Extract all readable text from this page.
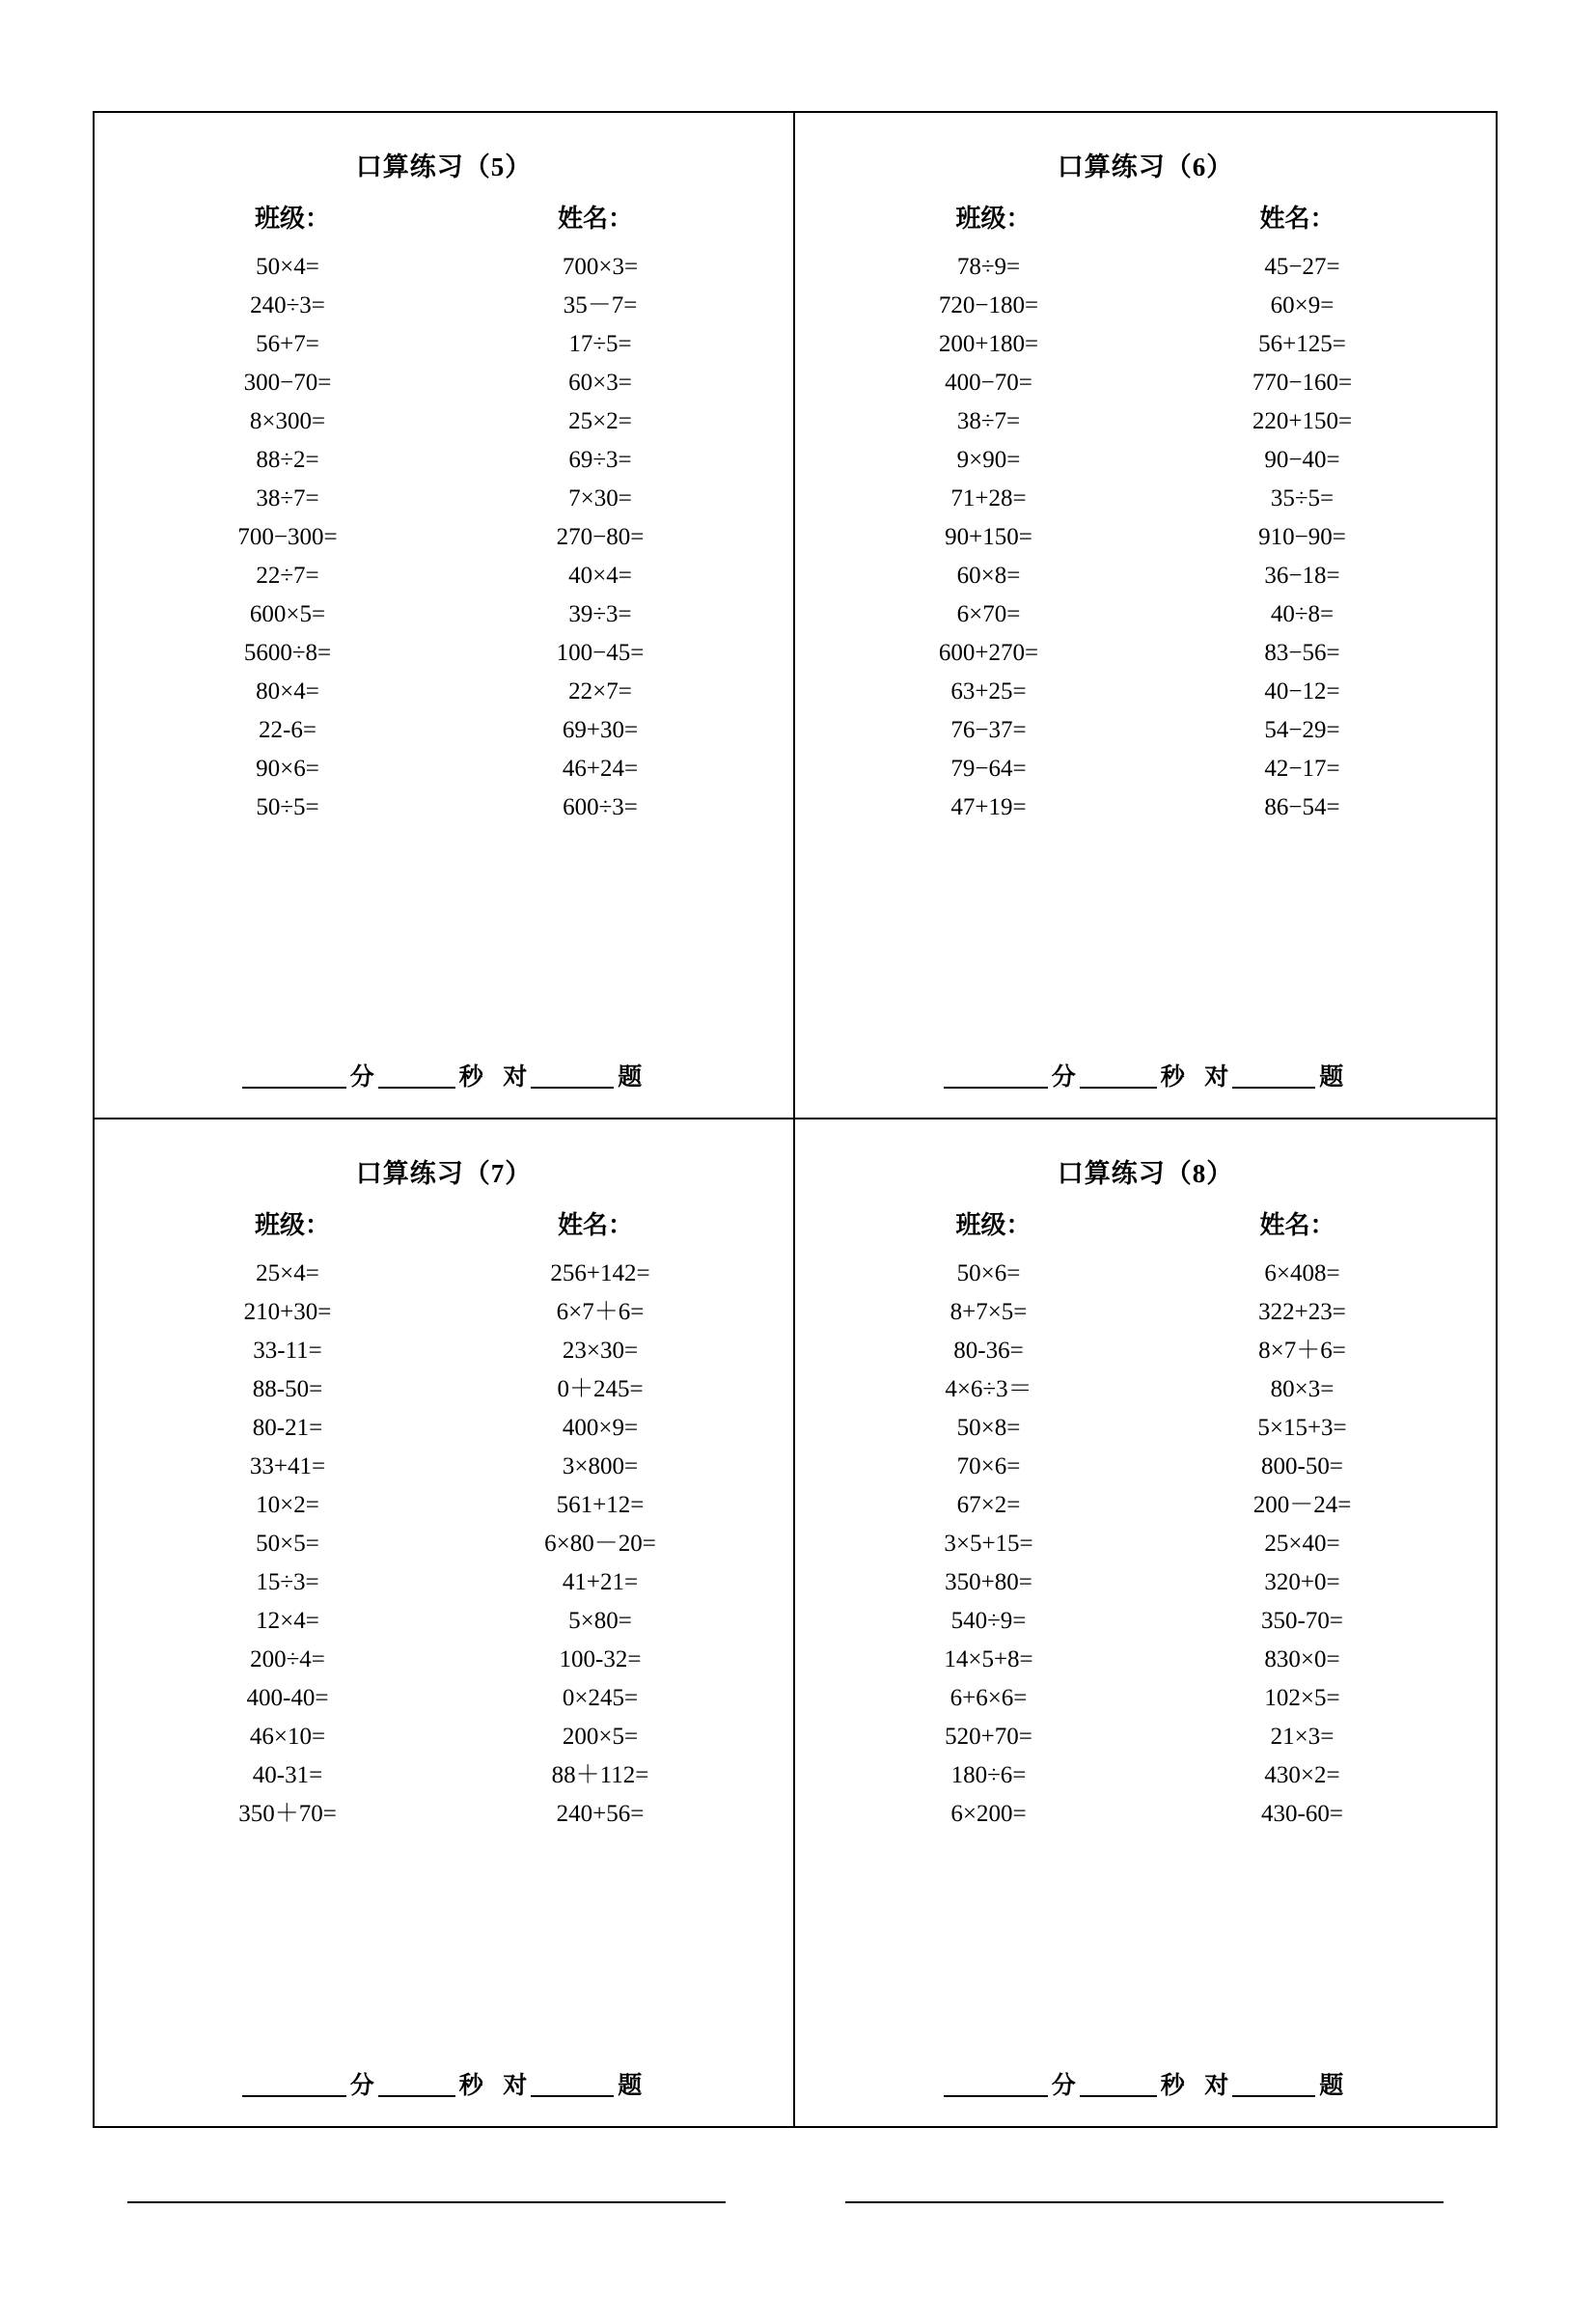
口算练习（5）
班级：	姓名：
50×4=	700×3=
240÷3=	35－7=
56+7=	17÷5=
300−70=	60×3=
8×300=	25×2=
88÷2=	69÷3=
38÷7=	7×30=
700−300=	270−80=
22÷7=	40×4=
600×5=	39÷3=
5600÷8=	100−45=
80×4=	22×7=
22-6=	69+30=
90×6=	46+24=
50÷5=	600÷3=
分	秒 对	题
口算练习（6）
班级：	姓名：
78÷9=	45−27=
720−180=	60×9=
200+180=	56+125=
400−70=	770−160=
38÷7=	220+150=
9×90=	90−40=
71+28=	35÷5=
90+150=	910−90=
60×8=	36−18=
6×70=	40÷8=
600+270=	83−56=
63+25=	40−12=
76−37=	54−29=
79−64=	42−17=
47+19=	86−54=
分	秒 对	题
口算练习（7）
班级：	姓名：
25×4=	256+142=
210+30=	6×7＋6=
33-11=	23×30=
88-50=	0＋245=
80-21=	400×9=
33+41=	3×800=
10×2=	561+12=
50×5=	6×80－20=
15÷3=	41+21=
12×4=	5×80=
200÷4=	100-32=
400-40=	0×245=
46×10=	200×5=
40-31=	88＋112=
350＋70=	240+56=
分	秒 对	题
口算练习（8）
班级：	姓名：
50×6=	6×408=
8+7×5=	322+23=
80-36=	8×7＋6=
4×6÷3＝	80×3=
50×8=	5×15+3=
70×6=	800-50=
67×2=	200－24=
3×5+15=	25×40=
350+80=	320+0=
540÷9=	350-70=
14×5+8=	830×0=
6+6×6=	102×5=
520+70=	21×3=
180÷6=	430×2=
6×200=	430-60=
分	秒 对	题
